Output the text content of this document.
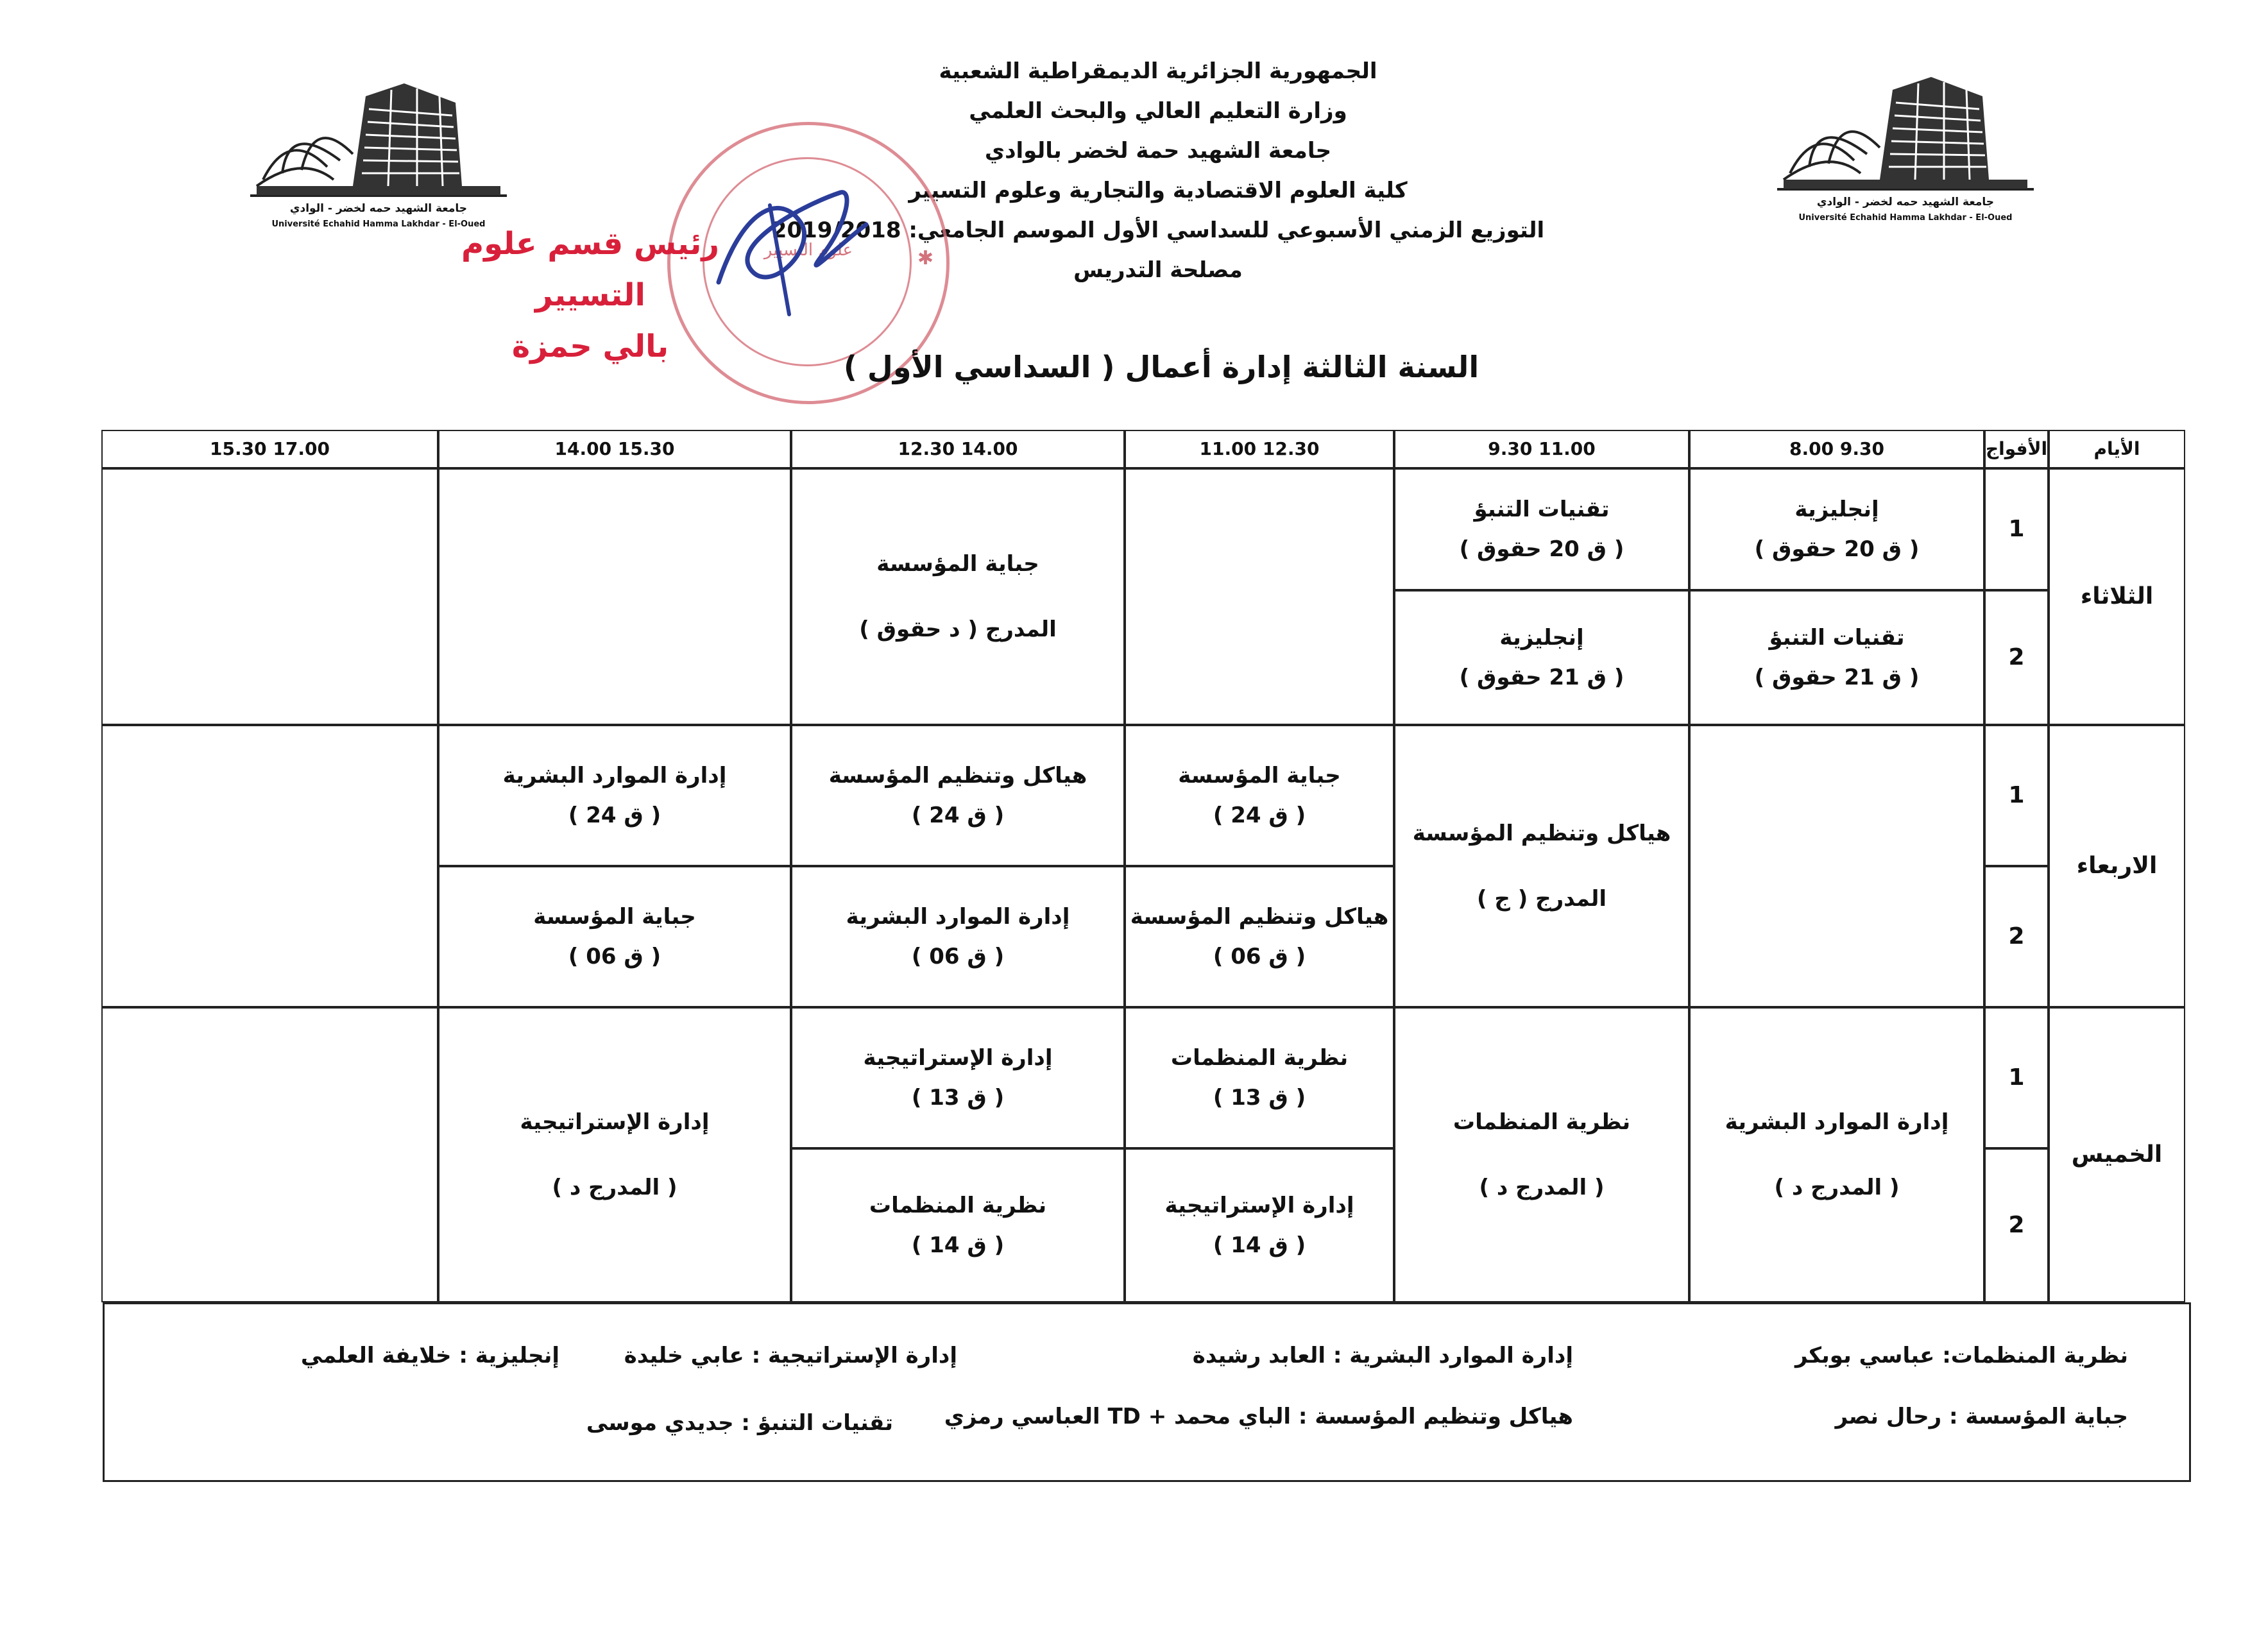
الجمهورية الجزائرية الديمقراطية الشعبية
وزارة التعليم العالي والبحث العلمي
جامعة الشهيد حمة لخضر بالوادي
كلية العلوم الاقتصادية والتجارية وعلوم التسيير
التوزيع الزمني الأسبوعي للسداسي الأول الموسم الجامعي: 2019/2018
مصلحة التدريس
جامعة الشهيد حمه لخضر - الوادي
Université Echahid Hamma Lakhdar - El-Oued
جامعة الشهيد حمه لخضر - الوادي
Université Echahid Hamma Lakhdar - El-Oued
علوم التسيير	✱
رئيس قسم علوم التسيير
بالي حمزة
السنة الثالثة إدارة أعمال ( السداسي الأول )
الأيام
الأفواج
9.30 8.00
11.00 9.30
12.30 11.00
14.00 12.30
15.30 14.00
17.00 15.30
الثلاثاء
1
2
إنجليزية
( ق 20 حقوق )
تقنيات التنبؤ
( ق 20 حقوق )
تقنيات التنبؤ
( ق 21 حقوق )
إنجليزية
( ق 21 حقوق )
جباية المؤسسة
المدرج ( د حقوق )
الاربعاء
1
2
هياكل وتنظيم المؤسسة
المدرج ( ج )
جباية المؤسسة
( ق 24 )
هياكل وتنظيم المؤسسة
( ق 24 )
إدارة الموارد البشرية
( ق 24 )
هياكل وتنظيم المؤسسة
( ق 06 )
إدارة الموارد البشرية
( ق 06 )
جباية المؤسسة
( ق 06 )
الخميس
1
2
إدارة الموارد البشرية
( المدرج د )
نظرية المنظمات
( المدرج د )
نظرية المنظمات
( ق 13 )
إدارة الإستراتيجية
( ق 13 )
إدارة الإستراتيجية
( ق 14 )
نظرية المنظمات
( ق 14 )
إدارة الإستراتيجية
( المدرج د )
نظرية المنظمات: عباسي بوبكر
إدارة الموارد البشرية : العابد رشيدة
إدارة الإستراتيجية : عابي خليدة
إنجليزية : خلايفة العلمي
جباية المؤسسة : رحال نصر
هياكل وتنظيم المؤسسة : الباي محمد + TD العباسي رمزي
تقنيات التنبؤ : جديدي موسى
